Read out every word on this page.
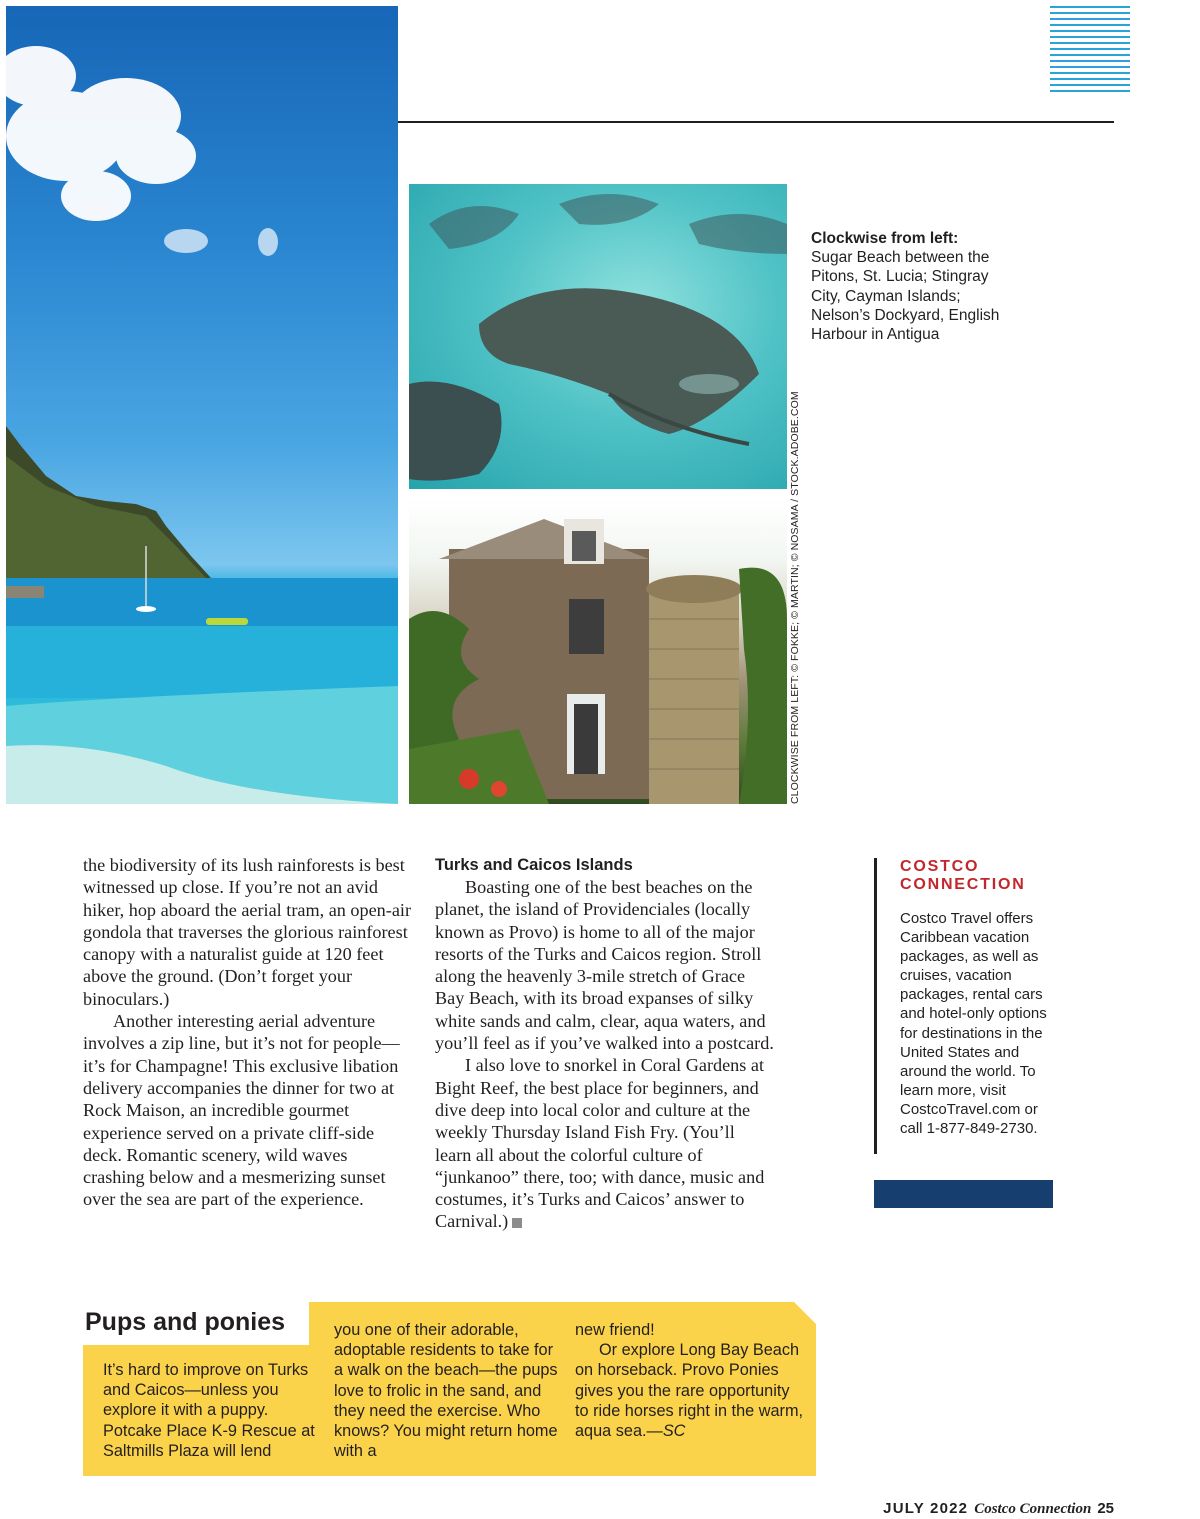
CLOCKWISE FROM LEFT: © FOKKE; © MARTIN; © NOSAMA / STOCK.ADOBE.COM
Clockwise from left:
Sugar Beach between the Pitons, St. Lucia; Stingray City, Cayman Islands; Nelson’s Dockyard, English Harbour in Antigua

the biodiversity of its lush rainforests is best witnessed up close. If you’re not an avid hiker, hop aboard the aerial tram, an open-air gondola that traverses the glorious rainforest canopy with a naturalist guide at 120 feet above the ground. (Don’t forget your binoculars.)

Another interesting aerial adventure involves a zip line, but it’s not for people—it’s for Champagne! This exclusive libation delivery accompanies the dinner for two at Rock Maison, an incredible gourmet experience served on a private cliff-side deck. Romantic scenery, wild waves crashing below and a mesmerizing sunset over the sea are part of the experience.

Turks and Caicos Islands

Boasting one of the best beaches on the planet, the island of Providenciales (locally known as Provo) is home to all of the major resorts of the Turks and Caicos region. Stroll along the heavenly 3-mile stretch of Grace Bay Beach, with its broad expanses of silky white sands and calm, clear, aqua waters, and you’ll feel as if you’ve walked into a postcard.

I also love to snorkel in Coral Gardens at Bight Reef, the best place for beginners, and dive deep into local color and culture at the weekly Thursday Island Fish Fry. (You’ll learn all about the colorful culture of “junkanoo” there, too; with dance, music and costumes, it’s Turks and Caicos’ answer to Carnival.)

COSTCO
CONNECTION
Costco Travel offers Caribbean vacation packages, as well as cruises, vacation packages, rental cars and hotel-only options for destinations in the United States and around the world. To learn more, visit CostcoTravel.com or call 1-877-849-2730.
Pups and ponies

It’s hard to improve on Turks and Caicos—unless you explore it with a puppy. Potcake Place K-9 Rescue at Saltmills Plaza will lend

you one of their adorable, adoptable residents to take for a walk on the beach—the pups love to frolic in the sand, and they need the exercise. Who knows? You might return home with a

new friend!

Or explore Long Bay Beach on horseback. Provo Ponies gives you the rare opportunity to ride horses right in the warm, aqua sea.—SC

JULY 2022 Costco Connection 25
